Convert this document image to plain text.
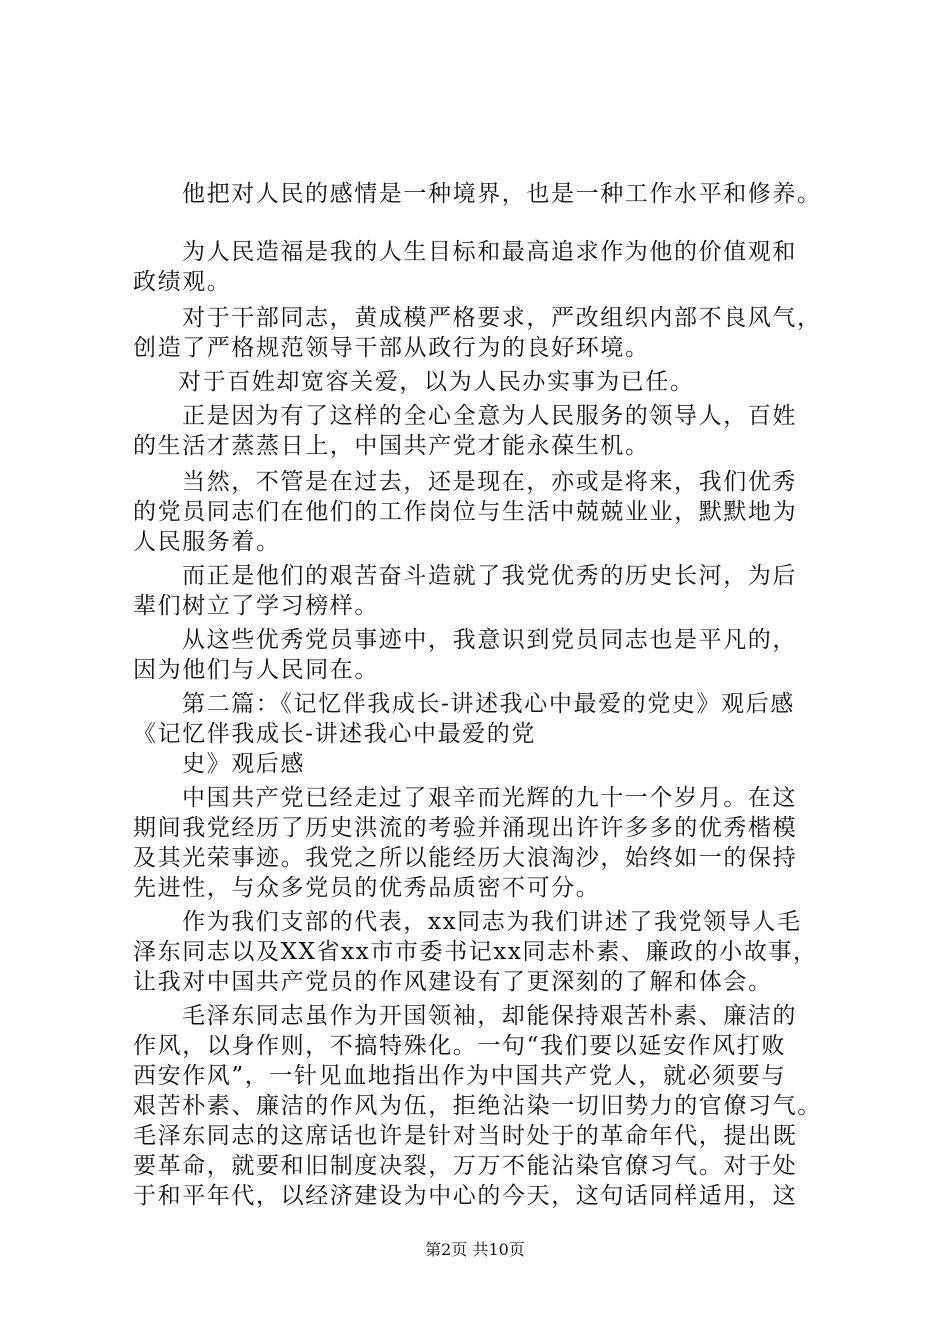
他把对人民的感情是一种境界，也是一种工作水平和修养。
为人民造福是我的人生目标和最高追求作为他的价值观和
政绩观。
对于干部同志，黄成模严格要求，严改组织内部不良风气，
创造了严格规范领导干部从政行为的良好环境。
对于百姓却宽容关爱，以为人民办实事为已任。
正是因为有了这样的全心全意为人民服务的领导人，百姓
的生活才蒸蒸日上，中国共产党才能永葆生机。
当然，不管是在过去，还是现在，亦或是将来，我们优秀
的党员同志们在他们的工作岗位与生活中兢兢业业，默默地为
人民服务着。
而正是他们的艰苦奋斗造就了我党优秀的历史长河，为后
辈们树立了学习榜样。
从这些优秀党员事迹中，我意识到党员同志也是平凡的，
因为他们与人民同在。
第二篇：《记忆伴我成长-讲述我心中最爱的党史》观后感
《记忆伴我成长-讲述我心中最爱的党
史》观后感
中国共产党已经走过了艰辛而光辉的九十一个岁月。在这
期间我党经历了历史洪流的考验并涌现出许许多多的优秀楷模
及其光荣事迹。我党之所以能经历大浪淘沙，始终如一的保持
先进性，与众多党员的优秀品质密不可分。
作为我们支部的代表，xx同志为我们讲述了我党领导人毛
泽东同志以及XX省xx市市委书记xx同志朴素、廉政的小故事，
让我对中国共产党员的作风建设有了更深刻的了解和体会。
毛泽东同志虽作为开国领袖，却能保持艰苦朴素、廉洁的
作风，以身作则，不搞特殊化。一句“我们要以延安作风打败
西安作风”，一针见血地指出作为中国共产党人，就必须要与
艰苦朴素、廉洁的作风为伍，拒绝沾染一切旧势力的官僚习气。
毛泽东同志的这席话也许是针对当时处于的革命年代，提出既
要革命，就要和旧制度决裂，万万不能沾染官僚习气。对于处
于和平年代，以经济建设为中心的今天，这句话同样适用，这
第2页 共10页
